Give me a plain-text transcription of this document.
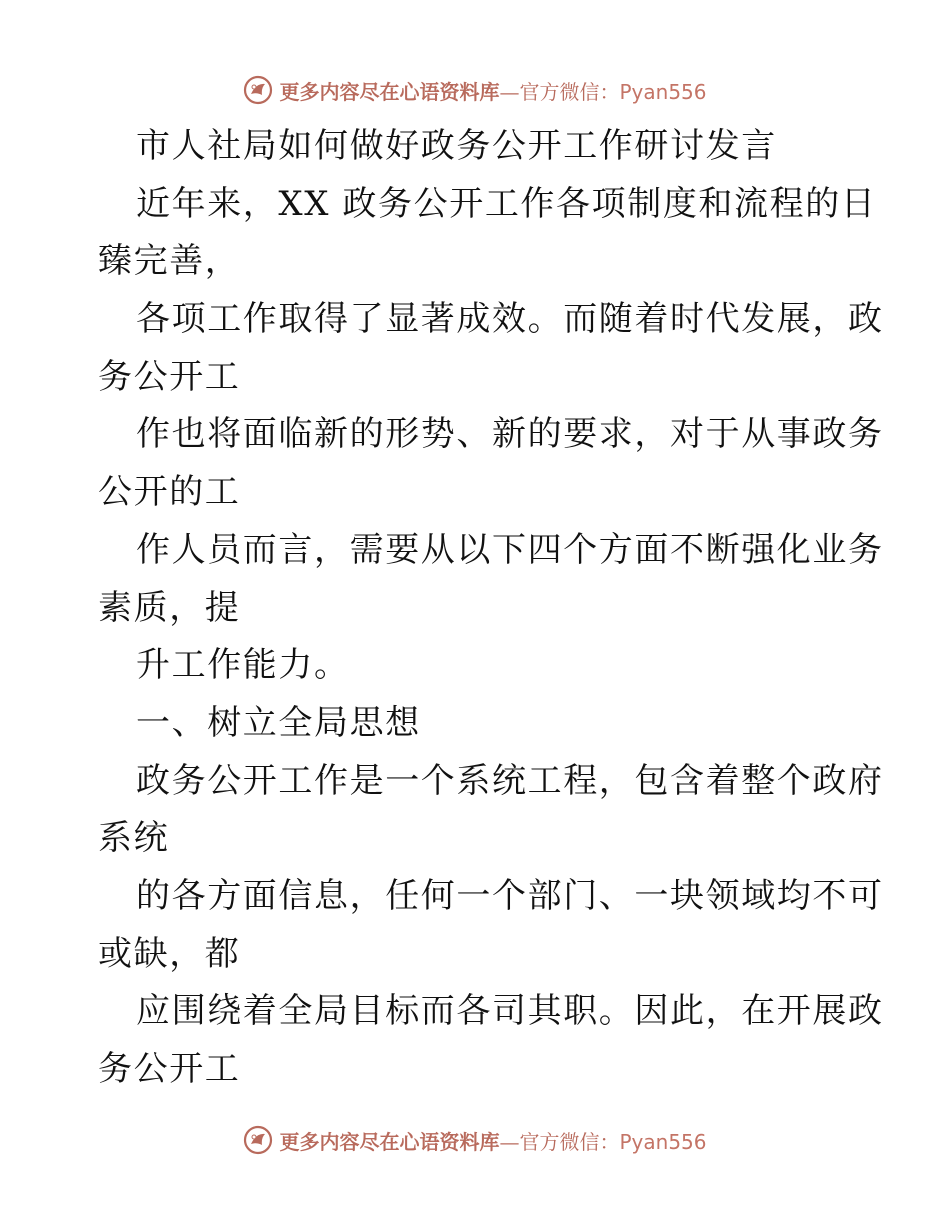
更多内容尽在心语资料库—官方微信：Pyan556
市人社局如何做好政务公开工作研讨发言
近年来，XX 政务公开工作各项制度和流程的日
臻完善，
各项工作取得了显著成效。而随着时代发展，政
务公开工
作也将面临新的形势、新的要求，对于从事政务
公开的工
作人员而言，需要从以下四个方面不断强化业务
素质，提
升工作能力。
一、树立全局思想
政务公开工作是一个系统工程，包含着整个政府
系统
的各方面信息，任何一个部门、一块领域均不可
或缺，都
应围绕着全局目标而各司其职。因此，在开展政
务公开工
更多内容尽在心语资料库—官方微信：Pyan556
